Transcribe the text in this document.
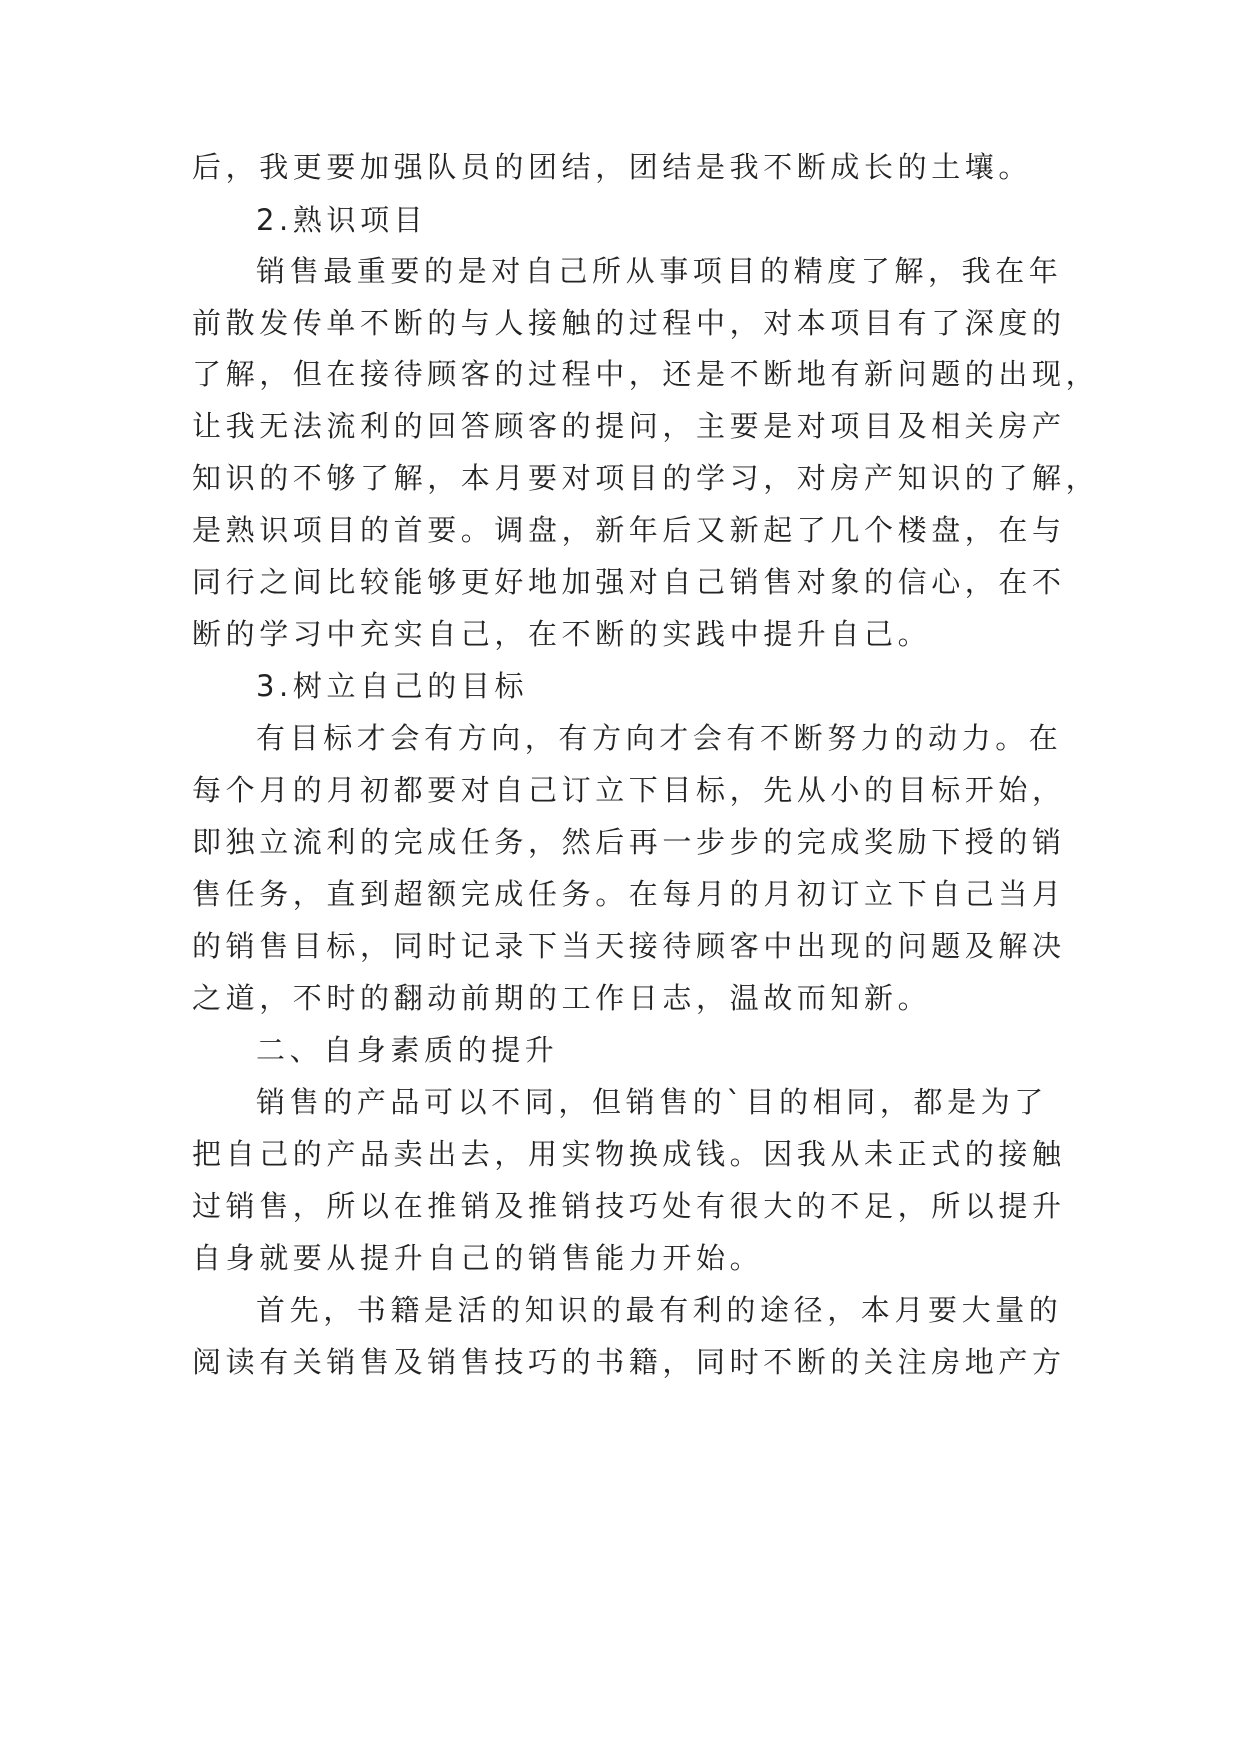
后，我更要加强队员的团结，团结是我不断成长的土壤。
2.熟识项目
销售最重要的是对自己所从事项目的精度了解，我在年
前散发传单不断的与人接触的过程中，对本项目有了深度的
了解，但在接待顾客的过程中，还是不断地有新问题的出现，
让我无法流利的回答顾客的提问，主要是对项目及相关房产
知识的不够了解，本月要对项目的学习，对房产知识的了解，
是熟识项目的首要。调盘，新年后又新起了几个楼盘，在与
同行之间比较能够更好地加强对自己销售对象的信心，在不
断的学习中充实自己，在不断的实践中提升自己。
3.树立自己的目标
有目标才会有方向，有方向才会有不断努力的动力。在
每个月的月初都要对自己订立下目标，先从小的目标开始，
即独立流利的完成任务，然后再一步步的完成奖励下授的销
售任务，直到超额完成任务。在每月的月初订立下自己当月
的销售目标，同时记录下当天接待顾客中出现的问题及解决
之道，不时的翻动前期的工作日志，温故而知新。
二、自身素质的提升
销售的产品可以不同，但销售的`目的相同，都是为了
把自己的产品卖出去，用实物换成钱。因我从未正式的接触
过销售，所以在推销及推销技巧处有很大的不足，所以提升
自身就要从提升自己的销售能力开始。
首先，书籍是活的知识的最有利的途径，本月要大量的
阅读有关销售及销售技巧的书籍，同时不断的关注房地产方
